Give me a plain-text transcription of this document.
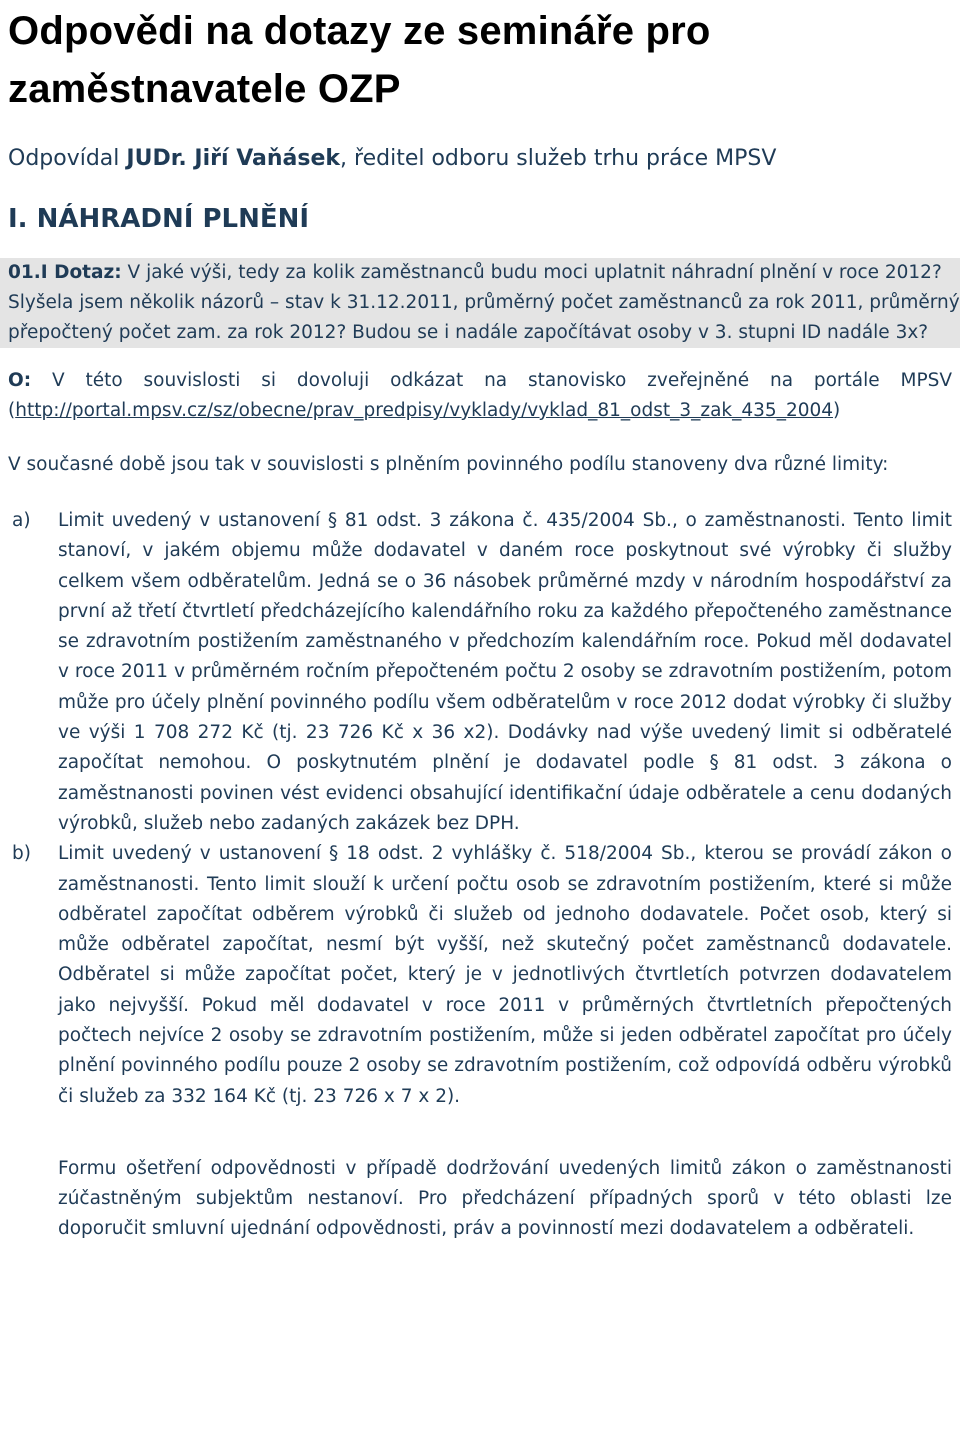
Odpovědi na dotazy ze semináře pro zaměstnavatele OZP

Odpovídal JUDr. Jiří Vaňásek, ředitel odboru služeb trhu práce MPSV

I. NÁHRADNÍ PLNĚNÍ

01.I Dotaz: V jaké výši, tedy za kolik zaměstnanců budu moci uplatnit náhradní plnění v roce 2012? Slyšela jsem několik názorů – stav k 31.12.2011, průměrný počet zaměstnanců za rok 2011, průměrný přepočtený počet zam. za rok 2012? Budou se i nadále započítávat osoby v 3. stupni ID nadále 3x?

O: V této souvislosti si dovoluji odkázat na stanovisko zveřejněné na portále MPSV (http://portal.mpsv.cz/sz/obecne/prav_predpisy/vyklady/vyklad_81_odst_3_zak_435_2004)

V současné době jsou tak v souvislosti s plněním povinného podílu stanoveny dva různé limity:

a) Limit uvedený v ustanovení § 81 odst. 3 zákona č. 435/2004 Sb., o zaměstnanosti. Tento limit stanoví, v jakém objemu může dodavatel v daném roce poskytnout své výrobky či služby celkem všem odběratelům. Jedná se o 36 násobek průměrné mzdy v národním hospodářství za první až třetí čtvrtletí předcházejícího kalendářního roku za každého přepočteného zaměstnance se zdravotním postižením zaměstnaného v předchozím kalendářním roce. Pokud měl dodavatel v roce 2011 v průměrném ročním přepočteném počtu 2 osoby se zdravotním postižením, potom může pro účely plnění povinného podílu všem odběratelům v roce 2012 dodat výrobky či služby ve výši 1 708 272 Kč (tj. 23 726 Kč x 36 x2). Dodávky nad výše uvedený limit si odběratelé započítat nemohou. O poskytnutém plnění je dodavatel podle § 81 odst. 3 zákona o zaměstnanosti povinen vést evidenci obsahující identifikační údaje odběratele a cenu dodaných výrobků, služeb nebo zadaných zakázek bez DPH.
b) Limit uvedený v ustanovení § 18 odst. 2 vyhlášky č. 518/2004 Sb., kterou se provádí zákon o zaměstnanosti. Tento limit slouží k určení počtu osob se zdravotním postižením, které si může odběratel započítat odběrem výrobků či služeb od jednoho dodavatele. Počet osob, který si může odběratel započítat, nesmí být vyšší, než skutečný počet zaměstnanců dodavatele. Odběratel si může započítat počet, který je v jednotlivých čtvrtletích potvrzen dodavatelem jako nejvyšší. Pokud měl dodavatel v roce 2011 v průměrných čtvrtletních přepočtených počtech nejvíce 2 osoby se zdravotním postižením, může si jeden odběratel započítat pro účely plnění povinného podílu pouze 2 osoby se zdravotním postižením, což odpovídá odběru výrobků či služeb za 332 164 Kč (tj. 23 726 x 7 x 2).

Formu ošetření odpovědnosti v případě dodržování uvedených limitů zákon o zaměstnanosti zúčastněným subjektům nestanoví. Pro předcházení případných sporů v této oblasti lze doporučit smluvní ujednání odpovědnosti, práv a povinností mezi dodavatelem a odběrateli.
